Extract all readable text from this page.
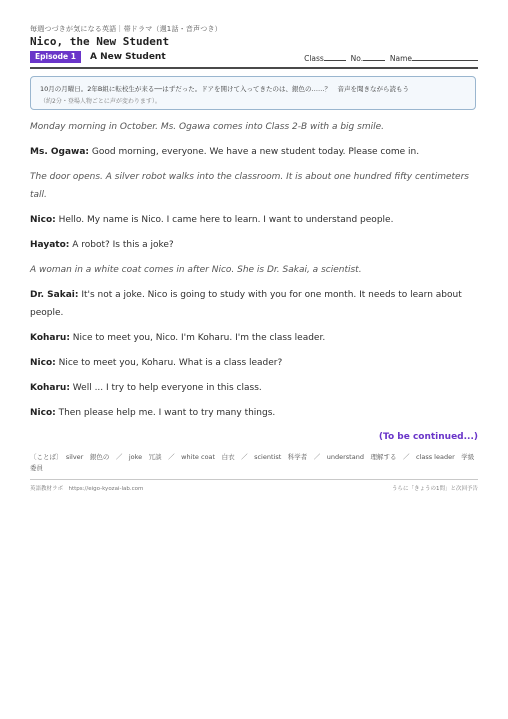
毎週つづきが気になる英語｜帯ドラマ（週1話・音声つき）
Nico, the New Student
Episode 1	A New Student	Class	No.	Name
10月の月曜日。2年B組に転校生が来る──はずだった。ドアを開けて入ってきたのは、銀色の……？　音声を聞きながら読もう
（約2分・登場人物ごとに声が変わります）。

Monday morning in October. Ms. Ogawa comes into Class 2-B with a big smile.

Ms. Ogawa: Good morning, everyone. We have a new student today. Please come in.

The door opens. A silver robot walks into the classroom. It is about one hundred fifty centimeters tall.

Nico: Hello. My name is Nico. I came here to learn. I want to understand people.

Hayato: A robot? Is this a joke?

A woman in a white coat comes in after Nico. She is Dr. Sakai, a scientist.

Dr. Sakai: It's not a joke. Nico is going to study with you for one month. It needs to learn about people.

Koharu: Nice to meet you, Nico. I'm Koharu. I'm the class leader.

Nico: Nice to meet you, Koharu. What is a class leader?

Koharu: Well ... I try to help everyone in this class.

Nico: Then please help me. I want to try many things.

(To be continued...)
〔ことば〕　silver　銀色の　／　joke　冗談　／　white coat　白衣　／　scientist　科学者　／　understand　理解する　／　class leader　学級委員
英語教材ラボ　https://eigo-kyozai-lab.com	うらに「きょうの1問」と次回予告
